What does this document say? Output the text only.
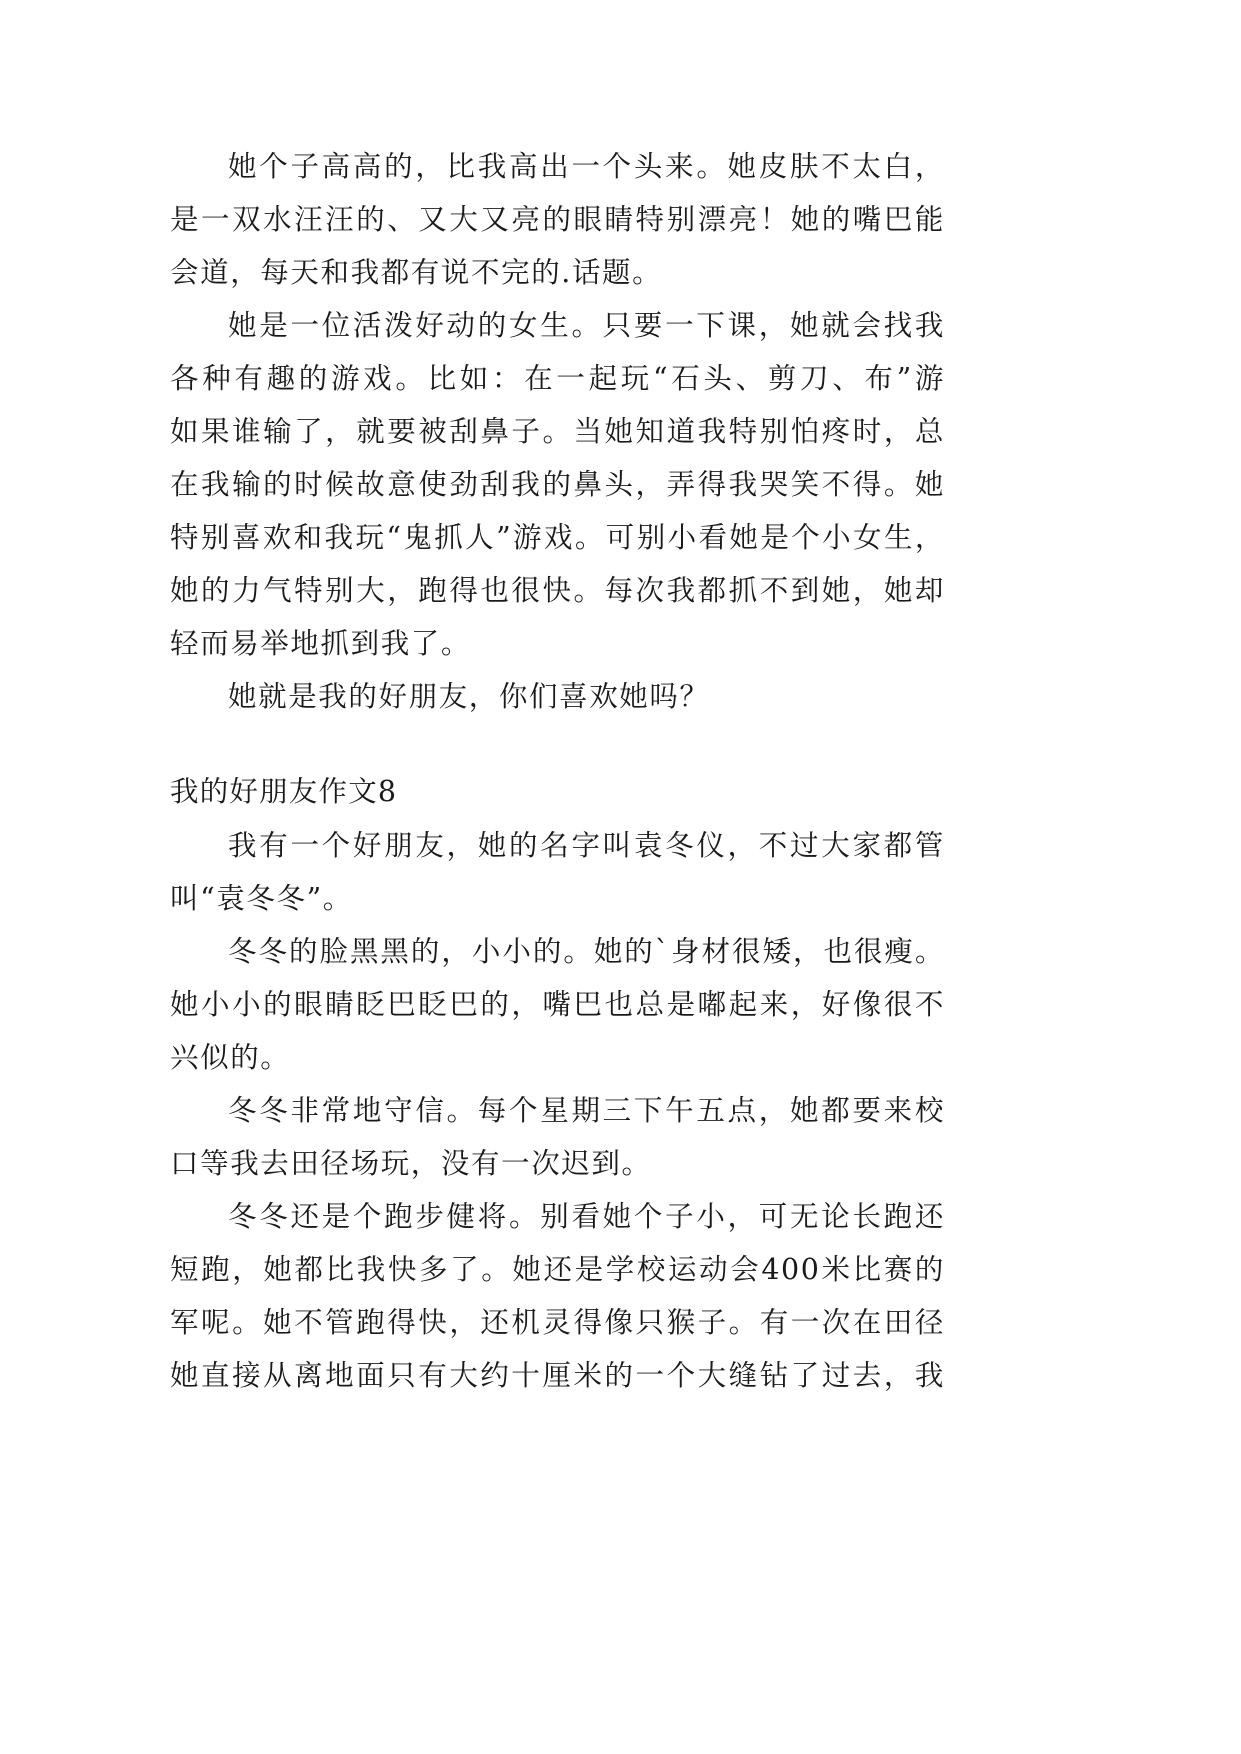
她个子高高的，比我高出一个头来。她皮肤不太白，
是一双水汪汪的、又大又亮的眼睛特别漂亮！她的嘴巴能
会道，每天和我都有说不完的.话题。
她是一位活泼好动的女生。只要一下课，她就会找我
各种有趣的游戏。比如：在一起玩“石头、剪刀、布”游
如果谁输了，就要被刮鼻子。当她知道我特别怕疼时，总
在我输的时候故意使劲刮我的鼻头，弄得我哭笑不得。她
特别喜欢和我玩“鬼抓人”游戏。可别小看她是个小女生，
她的力气特别大，跑得也很快。每次我都抓不到她，她却
轻而易举地抓到我了。
她就是我的好朋友，你们喜欢她吗？
我的好朋友作文8
我有一个好朋友，她的名字叫袁冬仪，不过大家都管
叫“袁冬冬”。
冬冬的脸黑黑的，小小的。她的`身材很矮，也很瘦。
她小小的眼睛眨巴眨巴的，嘴巴也总是嘟起来，好像很不
兴似的。
冬冬非常地守信。每个星期三下午五点，她都要来校
口等我去田径场玩，没有一次迟到。
冬冬还是个跑步健将。别看她个子小，可无论长跑还
短跑，她都比我快多了。她还是学校运动会400米比赛的
军呢。她不管跑得快，还机灵得像只猴子。有一次在田径
她直接从离地面只有大约十厘米的一个大缝钻了过去，我
